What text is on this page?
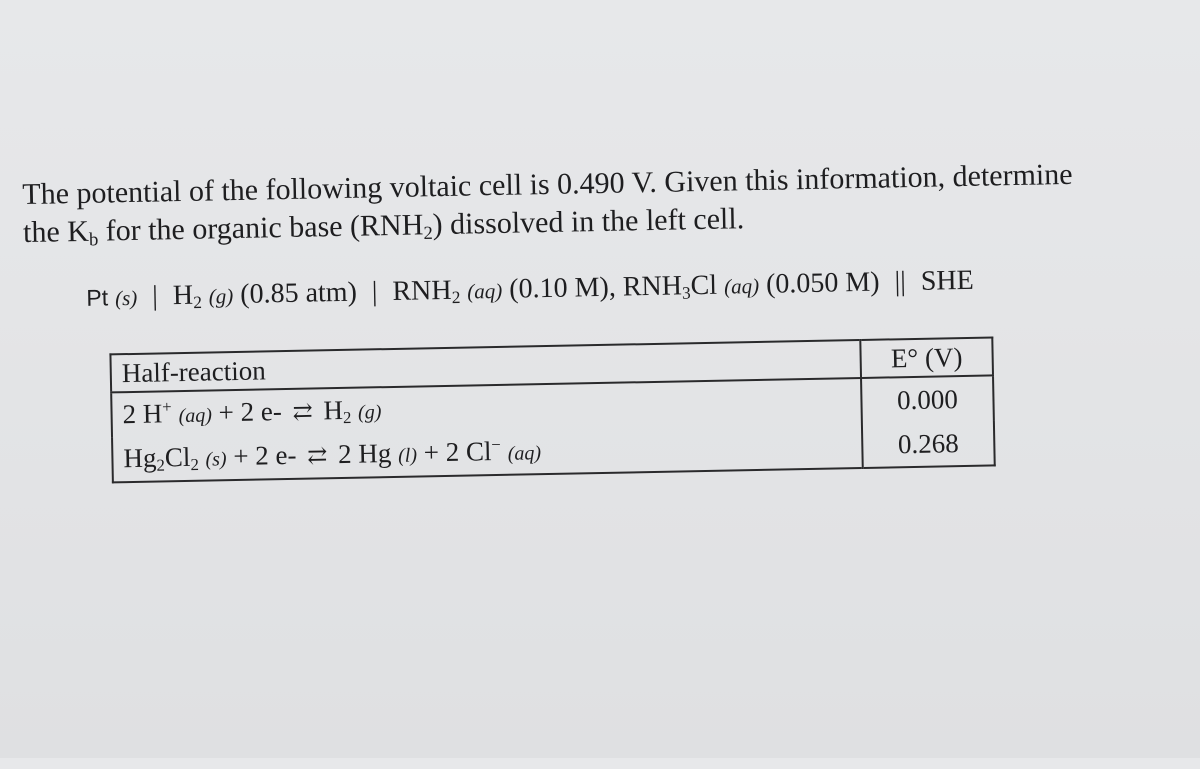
The potential of the following voltaic cell is 0.490 V. Given this information, determine
the $K_b$ for the organic base $(RNH_2)$ dissolved in the left cell.
Pt (s) | $H_2$ (g) (0.85 atm) | $RNH_2$ (aq) (0.10 M), $RNH_3Cl$ (aq) (0.050 M) || SHE
Half-reaction	E° (V)
2 H+ (aq) + 2 e- ⇄ $H_2$ (g)	0.000
$Hg_2Cl_2$ (s) + 2 e- ⇄ 2 Hg (l) + 2 Cl− (aq)	0.268
